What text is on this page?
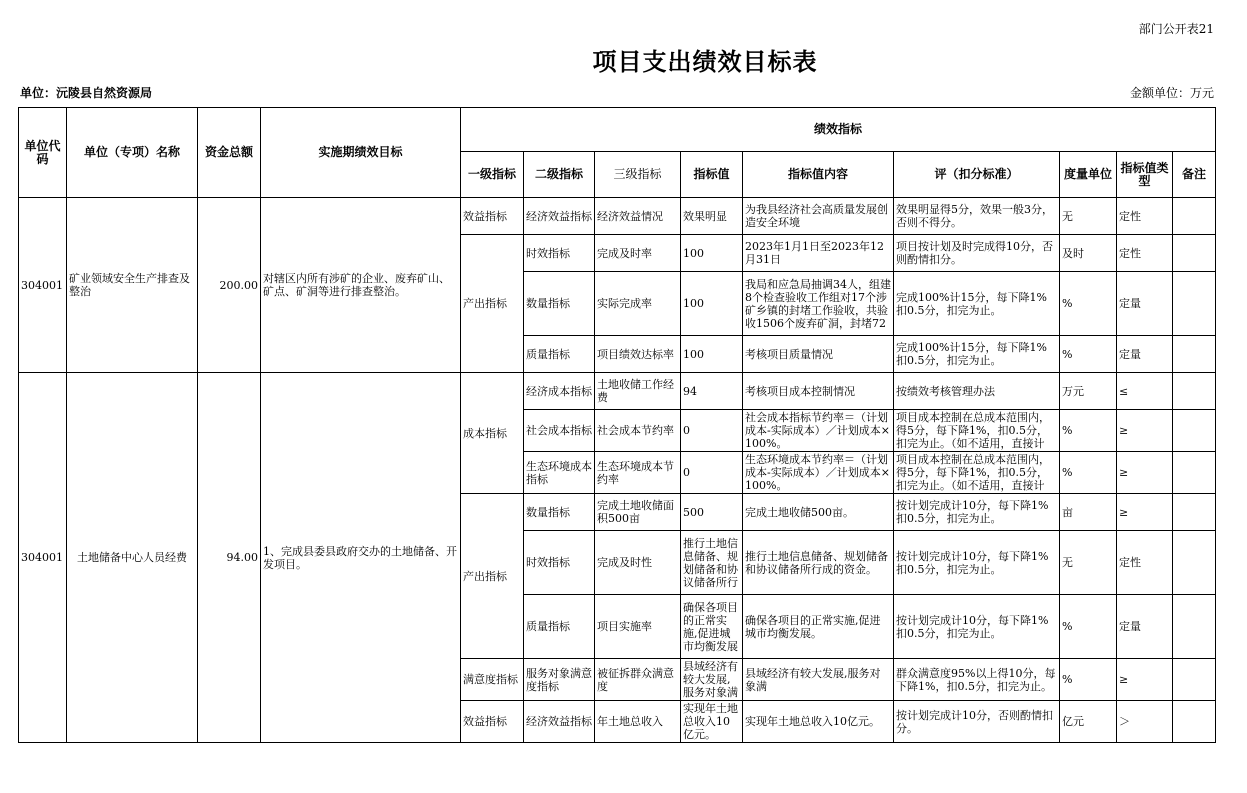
部门公开表21
项目支出绩效目标表
单位：沅陵县自然资源局	金额单位：万元
单位代码	单位（专项）名称	资金总额	实施期绩效目标	绩效指标								
				一级指标	二级指标	三级指标	指标值	指标值内容	评（扣分标准）	度量单位	指标值类型	备注
304001	矿业领域安全生产排查及整治	200.00	对辖区内所有涉矿的企业、废弃矿山、矿点、矿洞等进行排查整治。	效益指标	经济效益指标	经济效益情况	效果明显	为我县经济社会高质量发展创造安全环境	效果明显得5分，效果一般3分，否则不得分。	无	定性	
				产出指标	时效指标	完成及时率	100	2023年1月1日至2023年12月31日	项目按计划及时完成得10分，否则酌情扣分。	及时	定性	
					数量指标	实际完成率	100	我局和应急局抽调34人，组建8个检查验收工作组对17个涉矿乡镇的封堵工作验收，共验收1506个废弃矿洞，封堵72	完成100%计15分，每下降1%扣0.5分，扣完为止。	%	定量	
					质量指标	项目绩效达标率	100	考核项目质量情况	完成100%计15分，每下降1%扣0.5分，扣完为止。	%	定量	
304001	土地储备中心人员经费	94.00	1、完成县委县政府交办的土地储备、开发项目。	成本指标	经济成本指标	土地收储工作经费	94	考核项目成本控制情况	按绩效考核管理办法	万元	≤	
					社会成本指标	社会成本节约率	0	社会成本指标节约率＝（计划成本-实际成本）／计划成本×100%。	项目成本控制在总成本范围内，得5分，每下降1%，扣0.5分，扣完为止。（如不适用，直接计	%	≥	

					生态环境成本指标	生态环境成本节约率	0	生态环境成本节约率＝（计划成本-实际成本）／计划成本×100%。	项目成本控制在总成本范围内，得5分，每下降1%，扣0.5分，扣完为止。（如不适用，直接计	%	≥	
				产出指标	数量指标	完成土地收储面积500亩	500	完成土地收储500亩。	按计划完成计10分，每下降1%扣0.5分，扣完为止。	亩	≥	
					时效指标	完成及时性	推行土地信息储备、规划储备和协议储备所行	推行土地信息储备、规划储备和协议储备所行成的资金。	按计划完成计10分，每下降1%扣0.5分，扣完为止。	无	定性	
					质量指标	项目实施率	确保各项目的正常实施,促进城市均衡发展	确保各项目的正常实施,促进城市均衡发展。	按计划完成计10分，每下降1%扣0.5分，扣完为止。	%	定量	
				满意度指标	服务对象满意度指标	被征拆群众满意度	县域经济有较大发展,服务对象满	县域经济有较大发展,服务对象满	群众满意度95%以上得10分，每下降1%，扣0.5分，扣完为止。	%	≥	
				效益指标	经济效益指标	年土地总收入	实现年土地总收入10亿元。	实现年土地总收入10亿元。	按计划完成计10分，否则酌情扣分。	亿元	＞	
